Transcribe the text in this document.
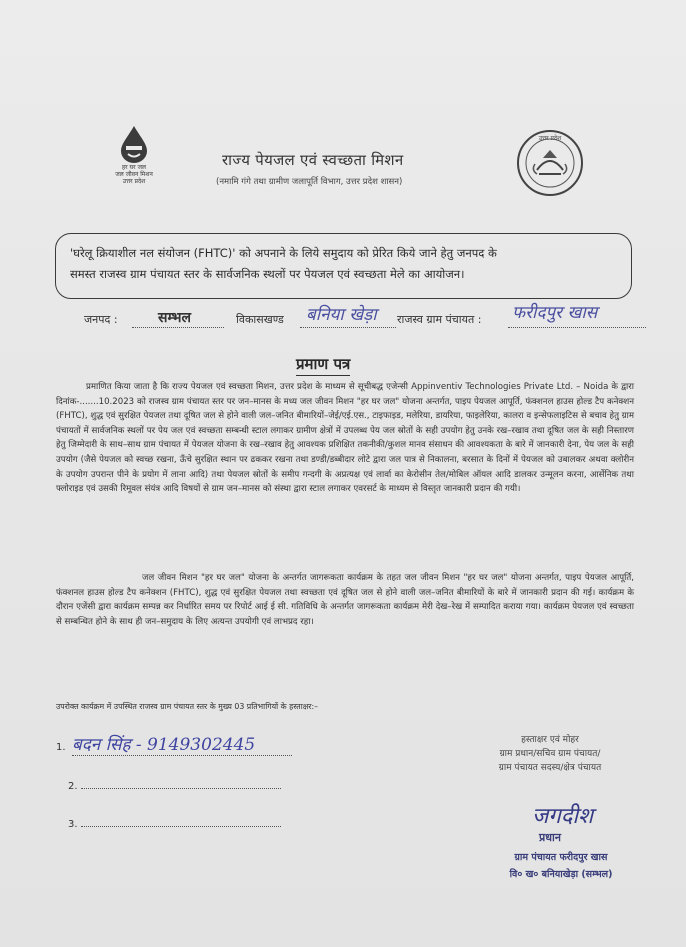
हर घर जल
जल जीवन मिशन
उत्तर प्रदेश
राज्य पेयजल एवं स्वच्छता मिशन
(नमामि गंगे तथा ग्रामीण जलापूर्ति विभाग, उत्तर प्रदेश शासन)
उत्तर प्रदेश
'घरेलू क्रियाशील नल संयोजन (FHTC)' को अपनाने के लिये समुदाय को प्रेरित किये जाने हेतु जनपद के
समस्त राजस्व ग्राम पंचायत स्तर के सार्वजनिक स्थलों पर पेयजल एवं स्वच्छता मेले का आयोजन।
जनपद :	सम्भल	विकासखण्ड बनिया खेड़ा राजस्व ग्राम पंचायत : फरीदपुर खास
प्रमाण पत्र
प्रमाणित किया जाता है कि राज्य पेयजल एवं स्वच्छता मिशन, उत्तर प्रदेश के माध्यम से सूचीबद्ध एजेन्सी Appinventiv Technologies Private Ltd. – Noida के द्वारा दिनांक-.......10.2023 को राजस्व ग्राम पंचायत स्तर पर जन–मानस के मध्य जल जीवन मिशन "हर घर जल" योजना अन्तर्गत, पाइप पेयजल आपूर्ति, फंक्शनल हाउस होल्ड टैप कनेक्शन (FHTC), शुद्ध एवं सुरक्षित पेयजल तथा दूषित जल से होने वाली जल–जनित बीमारियों–जेई/एई.एस., टाइफाइड, मलेरिया, डायरिया, फाइलेरिया, कालरा व इन्सेफलाइटिस से बचाव हेतु ग्राम पंचायतों में सार्वजनिक स्थलों पर पेय जल एवं स्वच्छता सम्बन्धी स्टाल लगाकर ग्रामीण क्षेत्रों में उपलब्ध पेय जल स्रोतों के सही उपयोग हेतु उनके रख–रखाव तथा दूषित जल के सही निस्तारण हेतु जिम्मेदारी के साथ–साथ ग्राम पंचायत में पेयजल योजना के रख–रखाव हेतु आवश्यक प्रशिक्षित तकनीकी/कुशल मानव संसाधन की आवश्यकता के बारे में जानकारी देना, पेय जल के सही उपयोग (जैसे पेयजल को स्वच्छ रखना, ऊँचे सुरक्षित स्थान पर ढककर रखना तथा डण्डी/डब्बीदार लोटे द्वारा जल पात्र से निकालना, बरसात के दिनों में पेयजल को उबालकर अथवा क्लोरीन के उपयोग उपरान्त पीने के प्रयोग में लाना आदि) तथा पेयजल स्रोतों के समीप गन्दगी के अप्रत्यक्ष एवं लार्वा का केरोसीन तेल/मोबिल ऑयल आदि डालकर उन्मूलन करना, आर्सेनिक तथा फ्लोराइड एवं उसकी रिमूवल संयंत्र आदि विषयों से ग्राम जन–मानस को संस्था द्वारा स्टाल लगाकर एवरसर्ट के माध्यम से विस्तृत जानकारी प्रदान की गयी।
जल जीवन मिशन "हर घर जल" योजना के अन्तर्गत जागरूकता कार्यक्रम के तहत जल जीवन मिशन "हर घर जल" योजना अन्तर्गत, पाइप पेयजल आपूर्ति, फंक्शनल हाउस होल्ड टैप कनेक्शन (FHTC), शुद्ध एवं सुरक्षित पेयजल तथा स्वच्छता एवं दूषित जल से होने वाली जल–जनित बीमारियों के बारे में जानकारी प्रदान की गई। कार्यक्रम के दौरान एजेंसी द्वारा कार्यक्रम सम्पन्न कर निर्धारित समय पर रिपोर्ट आई ई सी. गतिविधि के अन्तर्गत जागरूकता कार्यक्रम मेरी देख–रेख में सम्पादित कराया गया। कार्यक्रम पेयजल एवं स्वच्छता से सम्बन्धित होने के साथ ही जन–समुदाय के लिए अत्यन्त उपयोगी एवं लाभप्रद रहा।
उपरोक्त कार्यक्रम में उपस्थित राजस्व ग्राम पंचायत स्तर के मुख्य 03 प्रतिभागियों के हस्ताक्षर:–
1. बदन सिंह - 9149302445
2.
3.
हस्ताक्षर एवं मोहर
ग्राम प्रधान/सचिव ग्राम पंचायत/
ग्राम पंचायत सदस्य/क्षेत्र पंचायत
जगदीश
प्रधान
ग्राम पंचायत फरीदपुर खास
वि० ख० बनियाखेड़ा (सम्भल)
